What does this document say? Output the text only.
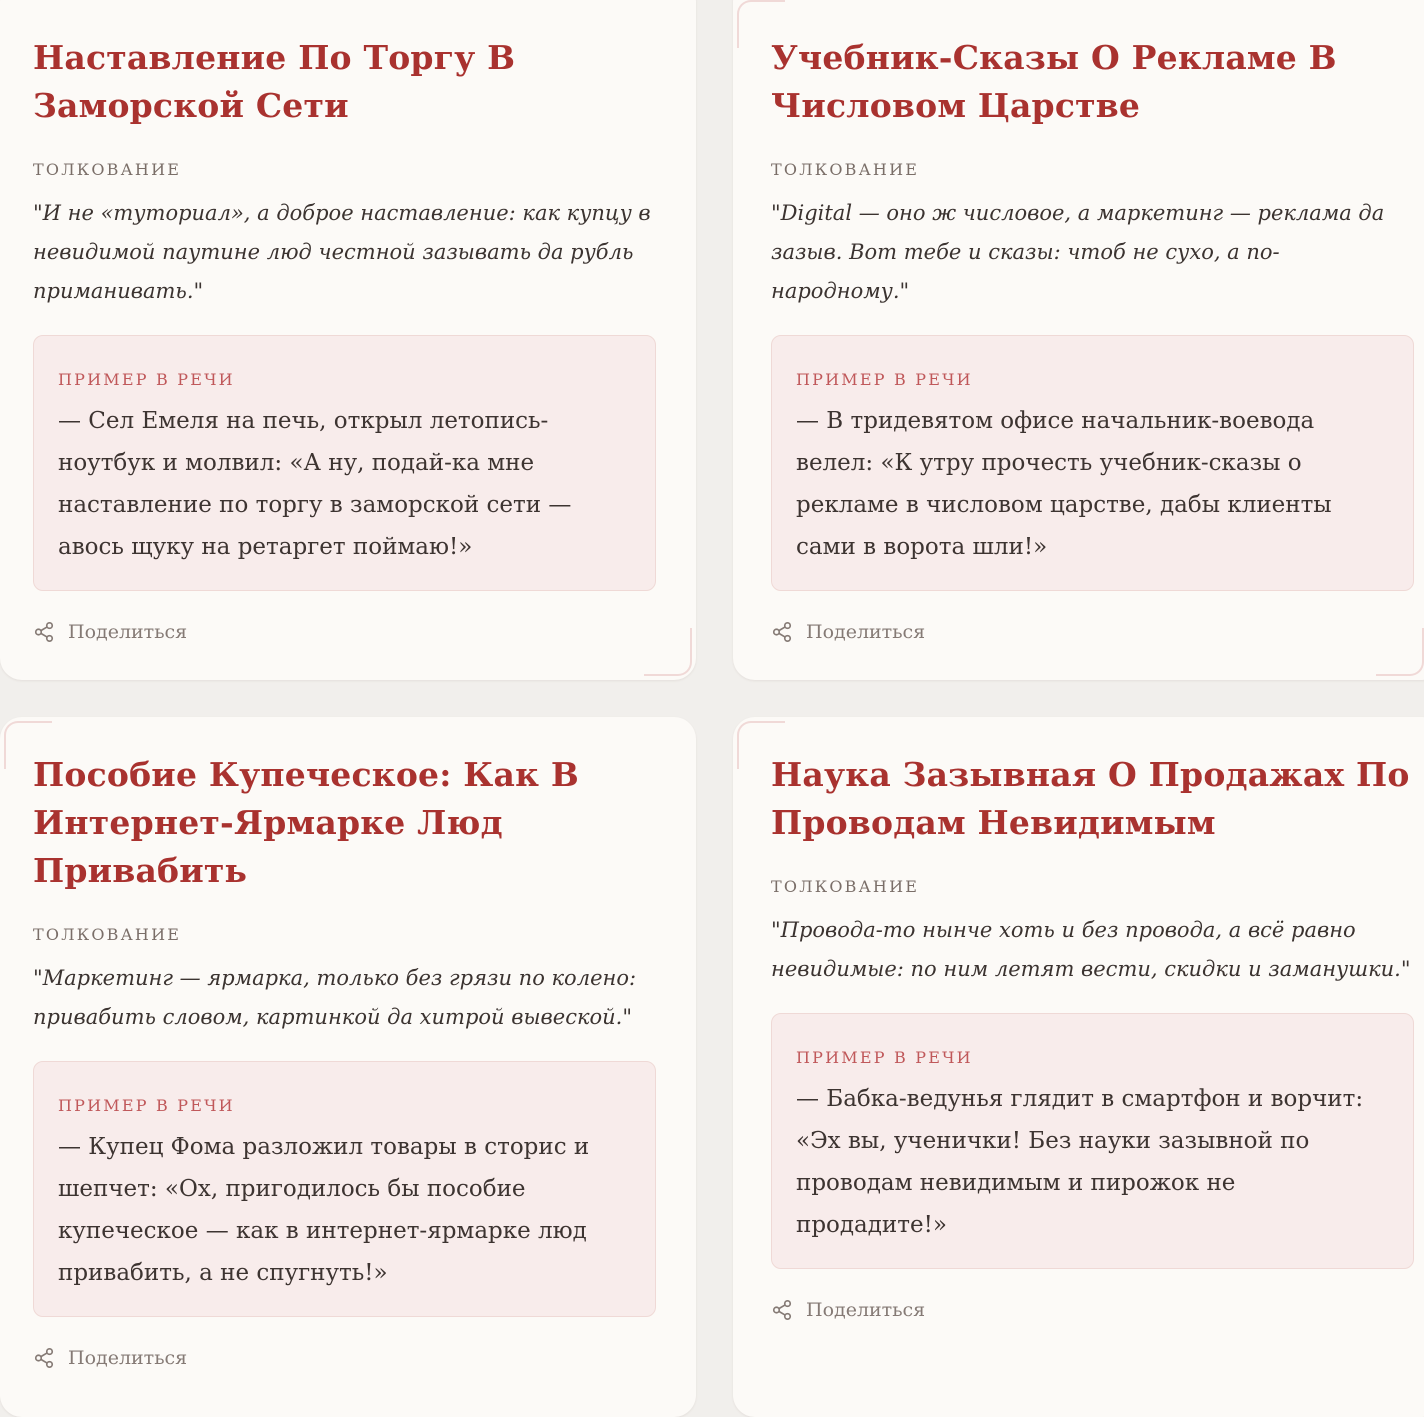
Наставление По Торгу В Заморской Сети
ТОЛКОВАНИЕ
"И не «туториал», а доброе наставление: как купцу в невидимой паутине люд честной зазывать да рубль приманивать."
ПРИМЕР В РЕЧИ
— Сел Емеля на печь, открыл летопись-ноутбук и молвил: «А ну, подай-ка мне наставление по торгу в заморской сети — авось щуку на ретаргет поймаю!»
Поделиться
Учебник-Сказы О Рекламе В Числовом Царстве
ТОЛКОВАНИЕ
"Digital — оно ж числовое, а маркетинг — реклама да зазыв. Вот тебе и сказы: чтоб не сухо, а по-народному."
ПРИМЕР В РЕЧИ
— В тридевятом офисе начальник-воевода велел: «К утру прочесть учебник-сказы о рекламе в числовом царстве, дабы клиенты сами в ворота шли!»
Поделиться
Пособие Купеческое: Как В Интернет-Ярмарке Люд Привабить
ТОЛКОВАНИЕ
"Маркетинг — ярмарка, только без грязи по колено: привабить словом, картинкой да хитрой вывеской."
ПРИМЕР В РЕЧИ
— Купец Фома разложил товары в сторис и шепчет: «Ох, пригодилось бы пособие купеческое — как в интернет-ярмарке люд привабить, а не спугнуть!»
Поделиться
Наука Зазывная О Продажах По Проводам Невидимым
ТОЛКОВАНИЕ
"Провода-то нынче хоть и без провода, а всё равно невидимые: по ним летят вести, скидки и заманушки."
ПРИМЕР В РЕЧИ
— Бабка-ведунья глядит в смартфон и ворчит: «Эх вы, ученички! Без науки зазывной по проводам невидимым и пирожок не продадите!»
Поделиться
